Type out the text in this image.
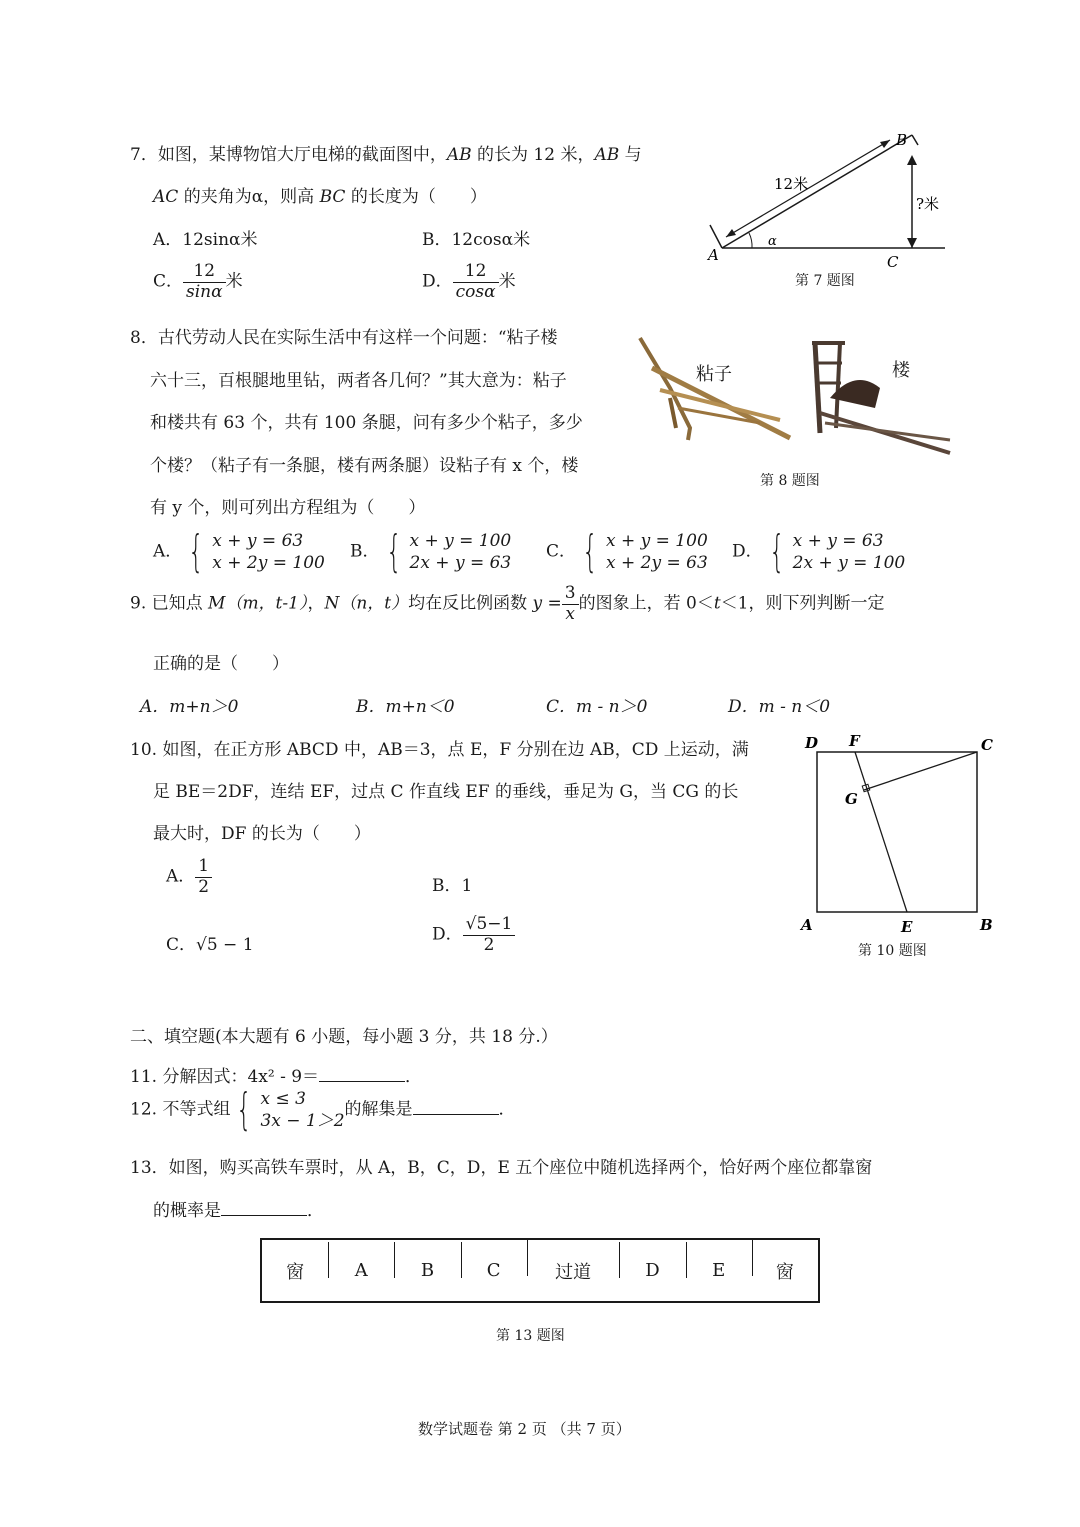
7．如图，某博物馆大厅电梯的截面图中，AB 的长为 12 米，AB 与
AC 的夹角为α，则高 BC 的长度为（　　）
A．12sinα米	B．12cosα米
C． $\frac{12}{\sin\alpha}$ 米	D． $\frac{12}{\cos\alpha}$ 米
A
B
C
12米
?米
α
第 7 题图
8．古代劳动人民在实际生活中有这样一个问题：“粘子楼
六十三，百根腿地里钻，两者各几何？”其大意为：粘子
和楼共有 63 个，共有 100 条腿，问有多少个粘子，多少
个楼？（粘子有一条腿，楼有两条腿）设粘子有 x 个，楼
有 y 个，则可列出方程组为（　　）
粘子	楼
第 8 题图
A． { x + y = 63
x + 2y = 100
B． { x + y = 100
2x + y = 63
C． { x + y = 100
x + 2y = 63
D． { x + y = 63
2x + y = 100
9. 已知点 M（m，t-1），N（n，t）均在反比例函数 $y = \frac{3}{x}$ 的图象上，若 0＜t＜1，则下列判断一定
正确的是（　　）
A．m+n＞0	B．m+n＜0	C．m - n＞0	D．m - n＜0
10. 如图，在正方形 ABCD 中，AB＝3，点 E，F 分别在边 AB，CD 上运动，满
足 BE＝2DF，连结 EF，过点 C 作直线 EF 的垂线，垂足为 G，当 CG 的长
最大时，DF 的长为（　　）
A． $\frac{1}{2}$	B．1
C．√5 − 1
D． $\frac{√5-1}{2}$
D F	C
G
A	E	B
第 10 题图
二、填空题(本大题有 6 小题，每小题 3 分，共 18 分.）
11. 分解因式：4x² - 9＝	．
12. 不等式组 { x ≤ 3
3x − 1＞2
的解集是	．
13．如图，购买高铁车票时，从 A，B，C，D，E 五个座位中随机选择两个，恰好两个座位都靠窗
的概率是	．
窗	A	B	C	过道	D	E	窗
第 13 题图
数学试题卷 第 2 页 （共 7 页）
